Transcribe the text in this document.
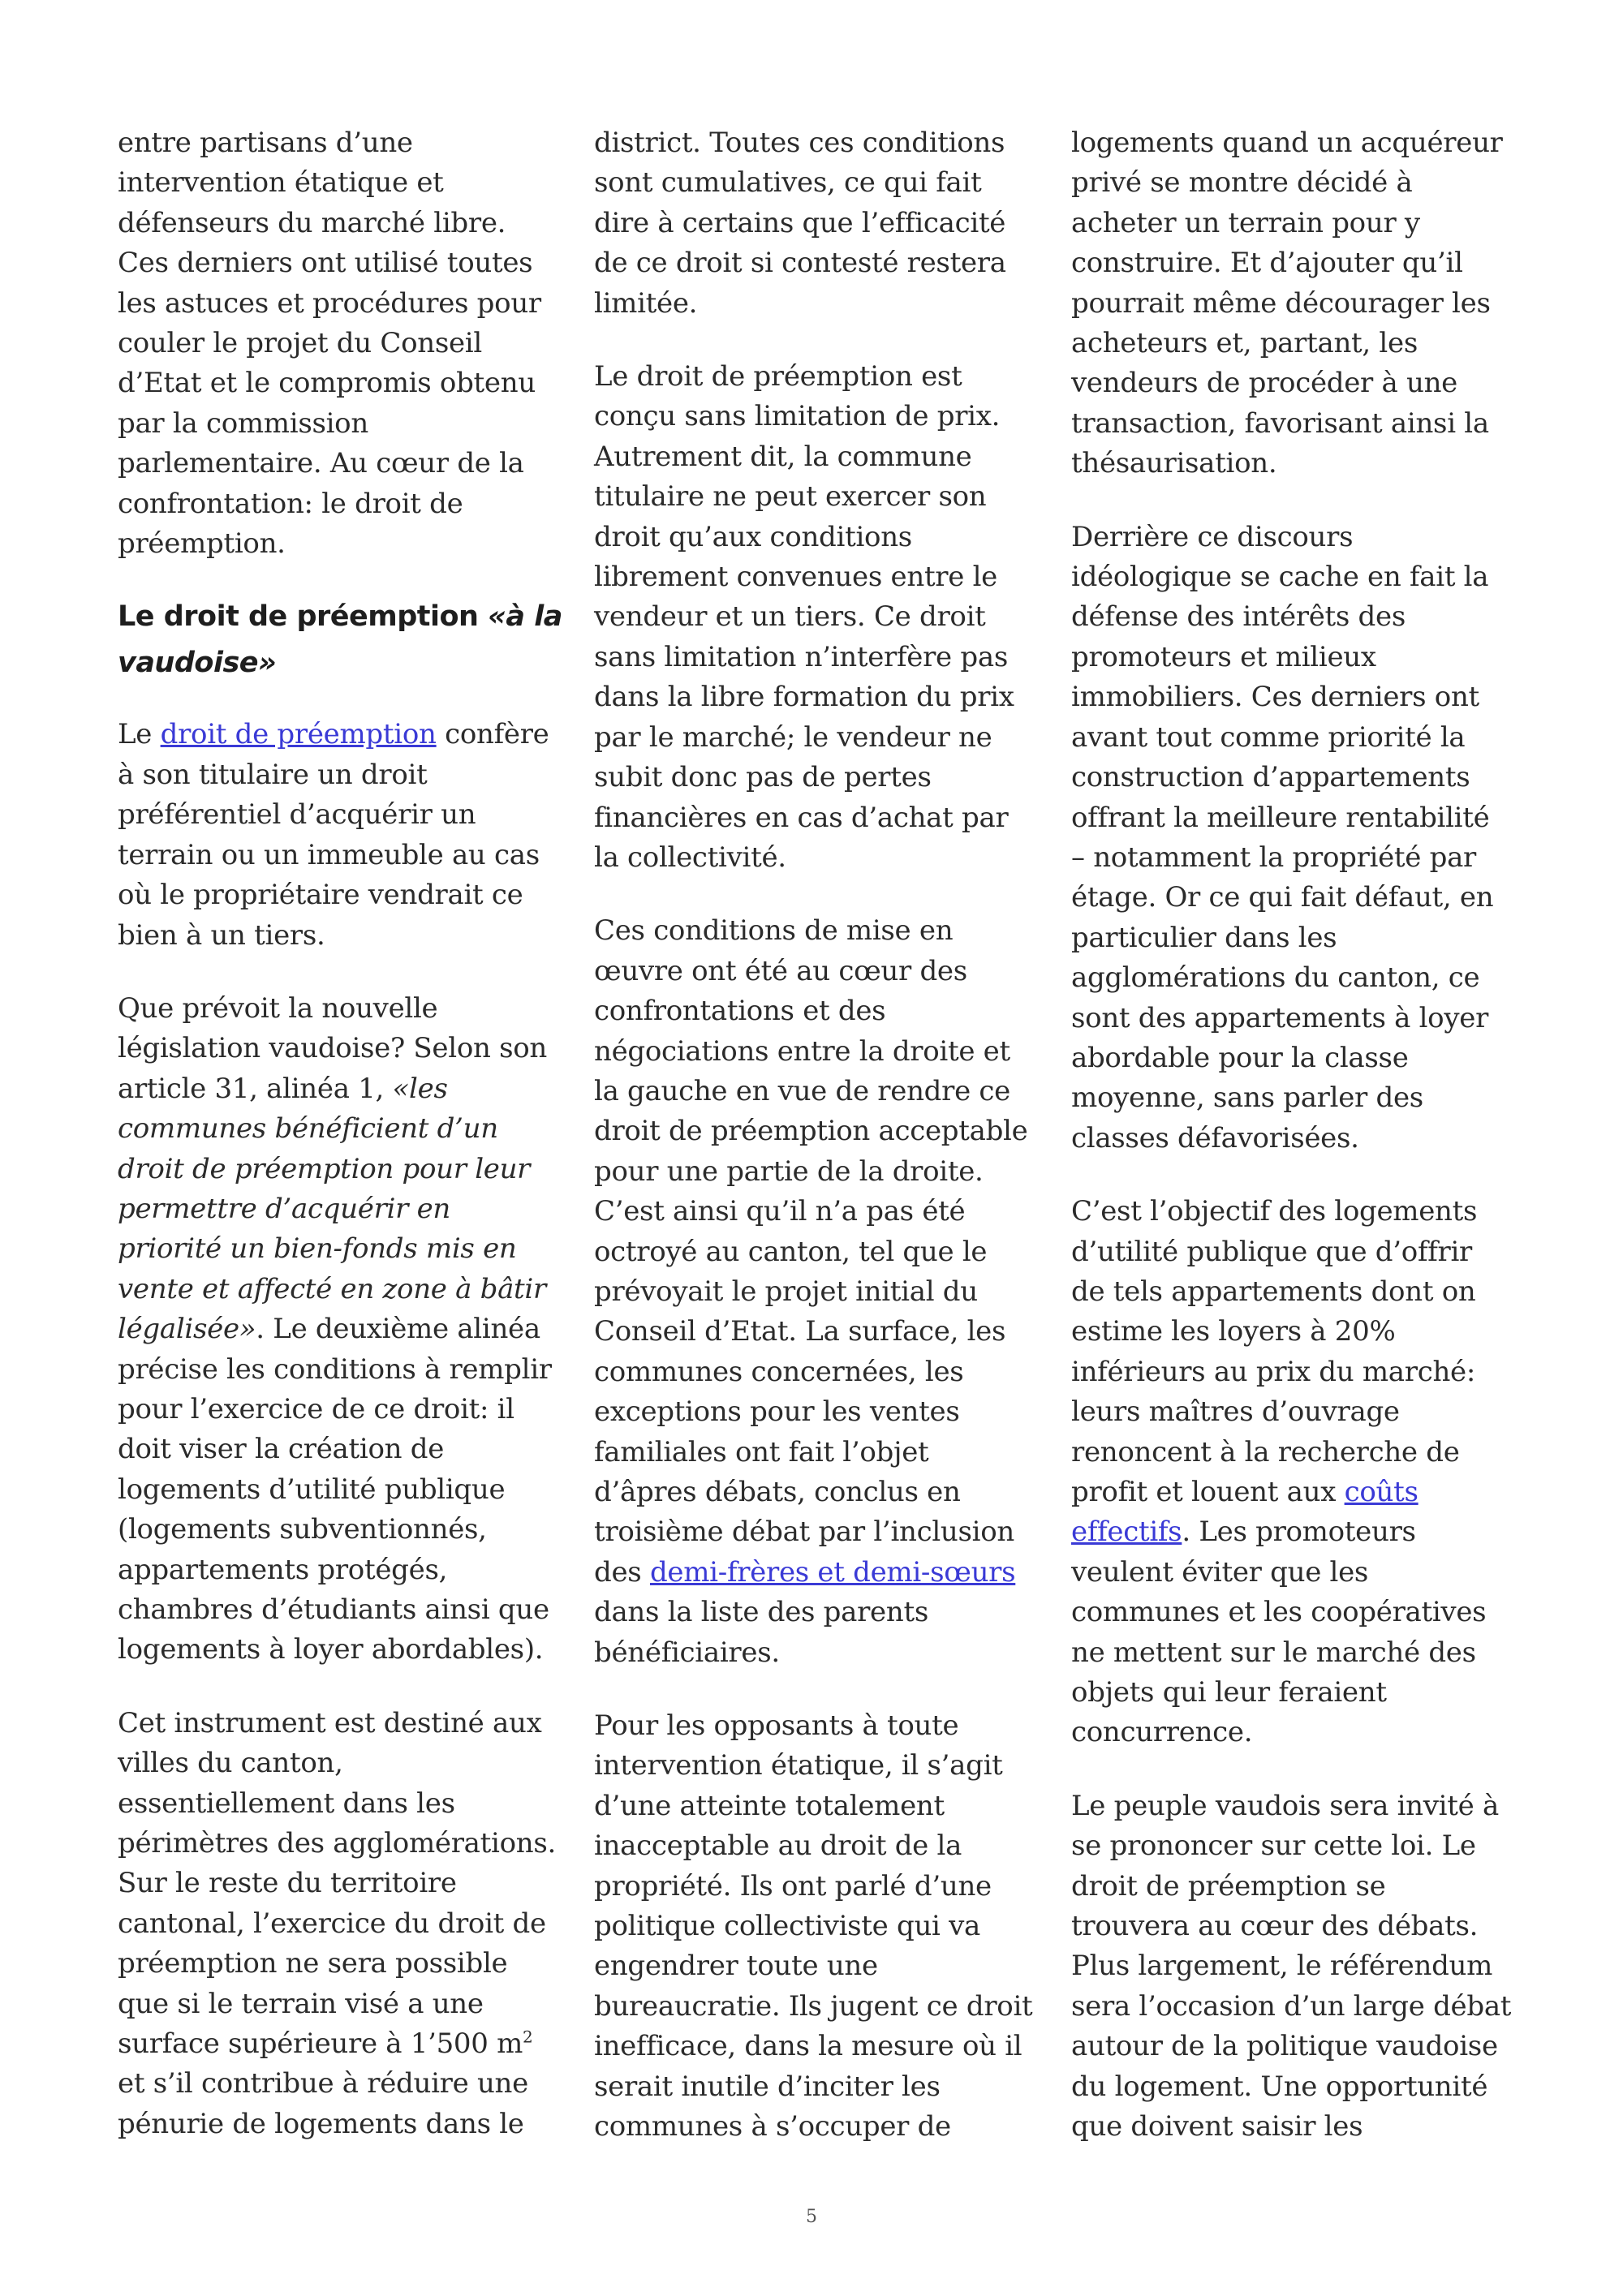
entre partisans d’une
intervention étatique et
défenseurs du marché libre.
Ces derniers ont utilisé toutes
les astuces et procédures pour
couler le projet du Conseil
d’Etat et le compromis obtenu
par la commission
parlementaire. Au cœur de la
confrontation: le droit de
préemption.
Le droit de préemption «à la
vaudoise»
Le droit de préemption confère
à son titulaire un droit
préférentiel d’acquérir un
terrain ou un immeuble au cas
où le propriétaire vendrait ce
bien à un tiers.
Que prévoit la nouvelle
législation vaudoise? Selon son
article 31, alinéa 1, «les
communes bénéficient d’un
droit de préemption pour leur
permettre d’acquérir en
priorité un bien-fonds mis en
vente et affecté en zone à bâtir
légalisée». Le deuxième alinéa
précise les conditions à remplir
pour l’exercice de ce droit: il
doit viser la création de
logements d’utilité publique
(logements subventionnés,
appartements protégés,
chambres d’étudiants ainsi que
logements à loyer abordables).
Cet instrument est destiné aux
villes du canton,
essentiellement dans les
périmètres des agglomérations.
Sur le reste du territoire
cantonal, l’exercice du droit de
préemption ne sera possible
que si le terrain visé a une
surface supérieure à 1’500 $m^2$
et s’il contribue à réduire une
pénurie de logements dans le
district. Toutes ces conditions
sont cumulatives, ce qui fait
dire à certains que l’efficacité
de ce droit si contesté restera
limitée.
Le droit de préemption est
conçu sans limitation de prix.
Autrement dit, la commune
titulaire ne peut exercer son
droit qu’aux conditions
librement convenues entre le
vendeur et un tiers. Ce droit
sans limitation n’interfère pas
dans la libre formation du prix
par le marché; le vendeur ne
subit donc pas de pertes
financières en cas d’achat par
la collectivité.
Ces conditions de mise en
œuvre ont été au cœur des
confrontations et des
négociations entre la droite et
la gauche en vue de rendre ce
droit de préemption acceptable
pour une partie de la droite.
C’est ainsi qu’il n’a pas été
octroyé au canton, tel que le
prévoyait le projet initial du
Conseil d’Etat. La surface, les
communes concernées, les
exceptions pour les ventes
familiales ont fait l’objet
d’âpres débats, conclus en
troisième débat par l’inclusion
des demi-frères et demi-sœurs
dans la liste des parents
bénéficiaires.
Pour les opposants à toute
intervention étatique, il s’agit
d’une atteinte totalement
inacceptable au droit de la
propriété. Ils ont parlé d’une
politique collectiviste qui va
engendrer toute une
bureaucratie. Ils jugent ce droit
inefficace, dans la mesure où il
serait inutile d’inciter les
communes à s’occuper de
logements quand un acquéreur
privé se montre décidé à
acheter un terrain pour y
construire. Et d’ajouter qu’il
pourrait même décourager les
acheteurs et, partant, les
vendeurs de procéder à une
transaction, favorisant ainsi la
thésaurisation.
Derrière ce discours
idéologique se cache en fait la
défense des intérêts des
promoteurs et milieux
immobiliers. Ces derniers ont
avant tout comme priorité la
construction d’appartements
offrant la meilleure rentabilité
– notamment la propriété par
étage. Or ce qui fait défaut, en
particulier dans les
agglomérations du canton, ce
sont des appartements à loyer
abordable pour la classe
moyenne, sans parler des
classes défavorisées.
C’est l’objectif des logements
d’utilité publique que d’offrir
de tels appartements dont on
estime les loyers à 20%
inférieurs au prix du marché:
leurs maîtres d’ouvrage
renoncent à la recherche de
profit et louent aux coûts
effectifs. Les promoteurs
veulent éviter que les
communes et les coopératives
ne mettent sur le marché des
objets qui leur feraient
concurrence.
Le peuple vaudois sera invité à
se prononcer sur cette loi. Le
droit de préemption se
trouvera au cœur des débats.
Plus largement, le référendum
sera l’occasion d’un large débat
autour de la politique vaudoise
du logement. Une opportunité
que doivent saisir les
5
